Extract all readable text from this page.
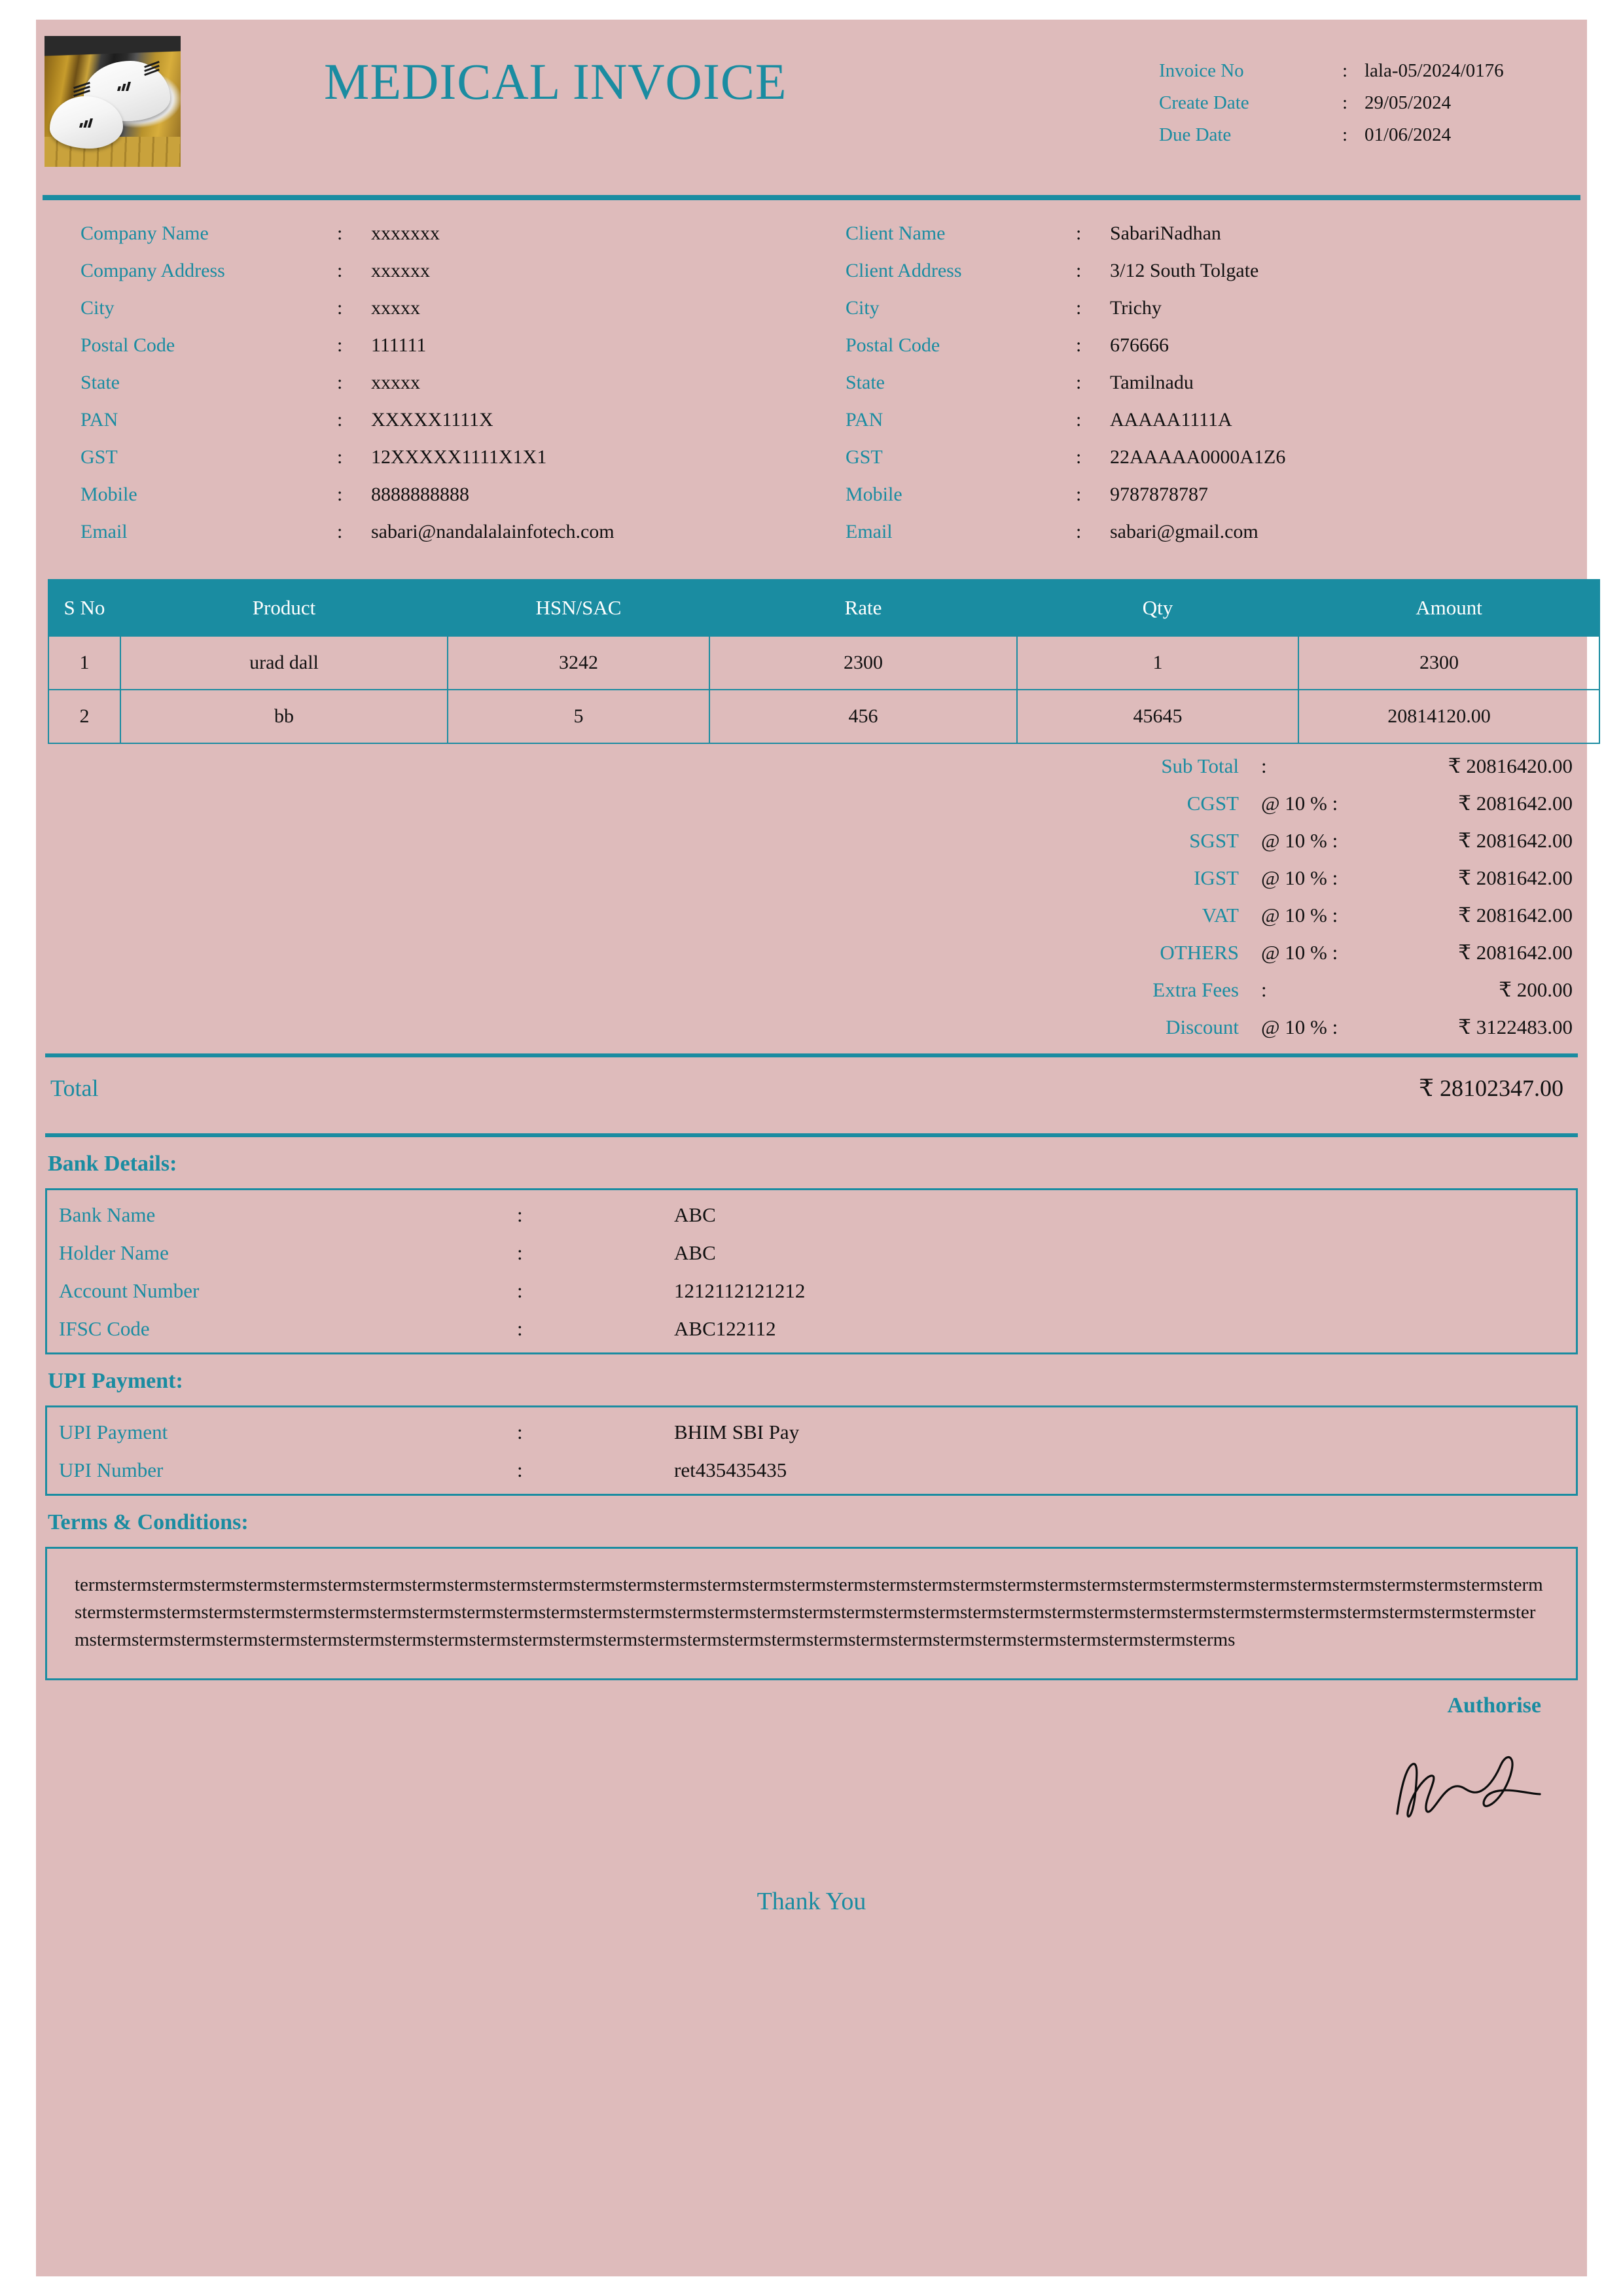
MEDICAL INVOICE	Invoice No	: lala-05/2024/0176
Create Date	: 29/05/2024
Due Date	: 01/06/2024
Company Name	:	xxxxxxx
Company Address	:	xxxxxx
City	:	xxxxx
Postal Code	:	111111
State	:	xxxxx
PAN	:	XXXXX1111X
GST	:	12XXXXX1111X1X1
Mobile	:	8888888888
Email	:	sabari@nandalalainfotech.com
Client Name	:	SabariNadhan
Client Address	:	3/12 South Tolgate
City	:	Trichy
Postal Code	:	676666
State	:	Tamilnadu
PAN	:	AAAAA1111A
GST	:	22AAAAA0000A1Z6
Mobile	:	9787878787
Email	:	sabari@gmail.com
S No	Product	HSN/SAC	Rate	Qty	Amount
1	urad dall	3242	2300	1	2300
2	bb	5	456	45645	20814120.00
Sub Total	:	₹ 20816420.00
CGST	@ 10 % :	₹ 2081642.00
SGST	@ 10 % :	₹ 2081642.00
IGST	@ 10 % :	₹ 2081642.00
VAT	@ 10 % :	₹ 2081642.00
OTHERS	@ 10 % :	₹ 2081642.00
Extra Fees	:	₹ 200.00
Discount	@ 10 % :	₹ 3122483.00
Total	₹ 28102347.00
Bank Details:
Bank Name	:	ABC
Holder Name	:	ABC
Account Number	:	1212112121212
IFSC Code	:	ABC122112
UPI Payment:
UPI Payment	:	BHIM SBI Pay
UPI Number	:	ret435435435
Terms & Conditions:
termstermstermstermstermstermstermstermstermstermstermstermstermstermstermstermstermstermstermstermstermstermstermstermstermstermstermstermstermstermstermstermstermstermstermstermstermstermstermstermstermstermstermstermstermstermstermstermstermstermstermstermstermstermstermstermstermstermstermstermstermstermstermstermstermstermstermstermstermstermstermstermstermstermstermstermstermstermstermstermstermstermstermstermstermstermstermstermstermstermstermstermstermstermstermstermsterms
Authorise
Thank You
